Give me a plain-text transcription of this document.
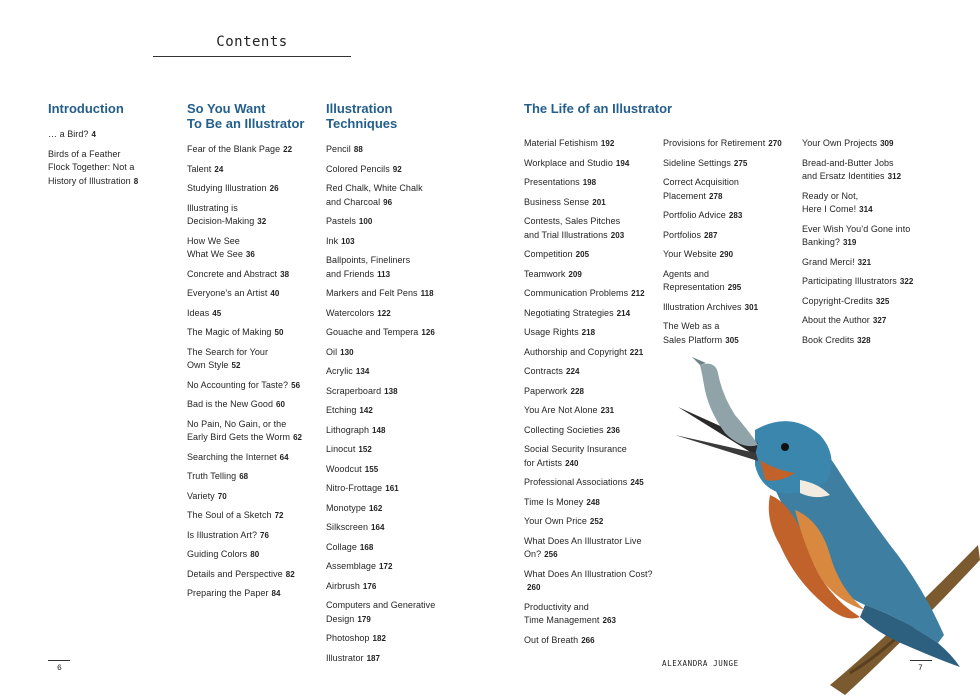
Contents
Introduction
… a Bird? 4
Birds of a Feather
Flock Together: Not a
History of Illustration 8
So You Want
To Be an Illustrator
Fear of the Blank Page 22
Talent 24
Studying Illustration 26
Illustrating is
Decision-Making 32
How We See
What We See 36
Concrete and Abstract 38
Everyone’s an Artist 40
Ideas 45
The Magic of Making 50
The Search for Your
Own Style 52
No Accounting for Taste? 56
Bad is the New Good 60
No Pain, No Gain, or the
Early Bird Gets the Worm 62
Searching the Internet 64
Truth Telling 68
Variety 70
The Soul of a Sketch 72
Is Illustration Art? 76
Guiding Colors 80
Details and Perspective 82
Preparing the Paper 84
Illustration
Techniques
Pencil 88
Colored Pencils 92
Red Chalk, White Chalk
and Charcoal 96
Pastels 100
Ink 103
Ballpoints, Fineliners
and Friends 113
Markers and Felt Pens 118
Watercolors 122
Gouache and Tempera 126
Oil 130
Acrylic 134
Scraperboard 138
Etching 142
Lithograph 148
Linocut 152
Woodcut 155
Nitro-Frottage 161
Monotype 162
Silkscreen 164
Collage 168
Assemblage 172
Airbrush 176
Computers and Generative
Design 179
Photoshop 182
Illustrator 187
The Life of an Illustrator
Material Fetishism 192
Workplace and Studio 194
Presentations 198
Business Sense 201
Contests, Sales Pitches
and Trial Illustrations 203
Competition 205
Teamwork 209
Communication Problems 212
Negotiating Strategies 214
Usage Rights 218
Authorship and Copyright 221
Contracts 224
Paperwork 228
You Are Not Alone 231
Collecting Societies 236
Social Security Insurance
for Artists 240
Professional Associations 245
Time Is Money 248
Your Own Price 252
What Does An Illustrator Live On? 256
What Does An Illustration Cost?260
Productivity and
Time Management 263
Out of Breath 266
Provisions for Retirement 270
Sideline Settings 275
Correct Acquisition
Placement 278
Portfolio Advice 283
Portfolios 287
Your Website 290
Agents and
Representation 295
Illustration Archives 301
The Web as a
Sales Platform 305
Your Own Projects 309
Bread-and-Butter Jobs
and Ersatz Identities 312
Ready or Not,
Here I Come! 314
Ever Wish You’d Gone into
Banking? 319
Grand Merci! 321
Participating Illustrators 322
Copyright-Credits 325
About the Author 327
Book Credits 328
6
ALEXANDRA JUNGE
7
